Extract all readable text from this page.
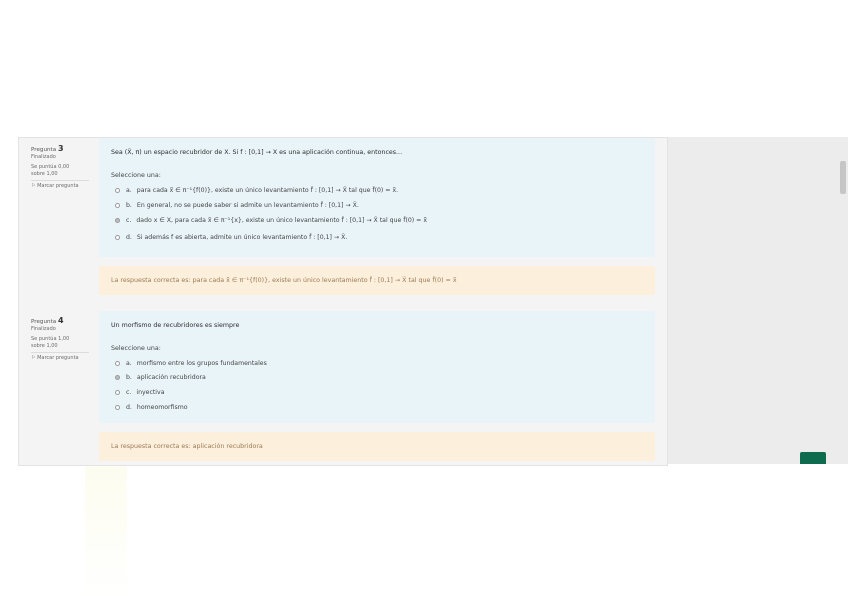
Pregunta 3
Finalizado
Se puntúa 0,00
sobre 1,00
⚐ Marcar pregunta
Sea (X̃, π) un espacio recubridor de X. Si f : [0,1] → X es una aplicación continua, entonces...
Seleccione una:
a. para cada x̃ ∈ π⁻¹{f(0)}, existe un único levantamiento f̃ : [0,1] → X̃ tal que f̃(0) = x̃.
b. En general, no se puede saber si admite un levantamiento f̃ : [0,1] → X̃.
c. dado x ∈ X, para cada x̃ ∈ π⁻¹{x}, existe un único levantamiento f̃ : [0,1] → X̃ tal que f̃(0) = x̃
d. Si además f es abierta, admite un único levantamiento f̃ : [0,1] → X̃.
La respuesta correcta es: para cada x̃ ∈ π⁻¹{f(0)}, existe un único levantamiento f̃ : [0,1] → X̃ tal que f̃(0) = x̃
Pregunta 4
Finalizado
Se puntúa 1,00
sobre 1,00
⚐ Marcar pregunta
Un morfismo de recubridores es siempre
Seleccione una:
a. morfismo entre los grupos fundamentales
b. aplicación recubridora
c. inyectiva
d. homeomorfismo
La respuesta correcta es: aplicación recubridora
